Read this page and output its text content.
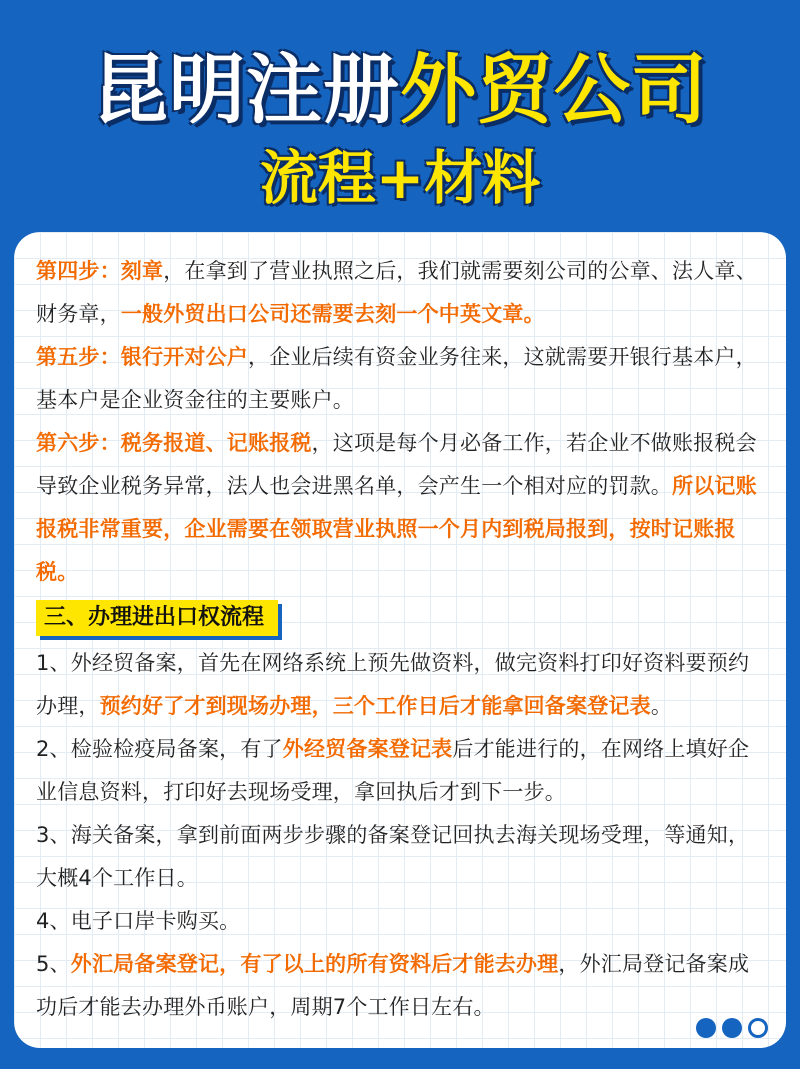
昆明注册外贸公司
流程+材料

第四步：刻章，在拿到了营业执照之后，我们就需要刻公司的公章、法人章、财务章，一般外贸出口公司还需要去刻一个中英文章。

第五步：银行开对公户，企业后续有资金业务往来，这就需要开银行基本户，基本户是企业资金往的主要账户。

第六步：税务报道、记账报税，这项是每个月必备工作，若企业不做账报税会导致企业税务异常，法人也会进黑名单，会产生一个相对应的罚款。所以记账报税非常重要，企业需要在领取营业执照一个月内到税局报到，按时记账报税。

三、办理进出口权流程

1、外经贸备案，首先在网络系统上预先做资料，做完资料打印好资料要预约办理，预约好了才到现场办理，三个工作日后才能拿回备案登记表。

2、检验检疫局备案，有了外经贸备案登记表后才能进行的，在网络上填好企业信息资料，打印好去现场受理，拿回执后才到下一步。

3、海关备案，拿到前面两步步骤的备案登记回执去海关现场受理，等通知，大概4个工作日。

4、电子口岸卡购买。

5、外汇局备案登记，有了以上的所有资料后才能去办理，外汇局登记备案成功后才能去办理外币账户，周期7个工作日左右。
